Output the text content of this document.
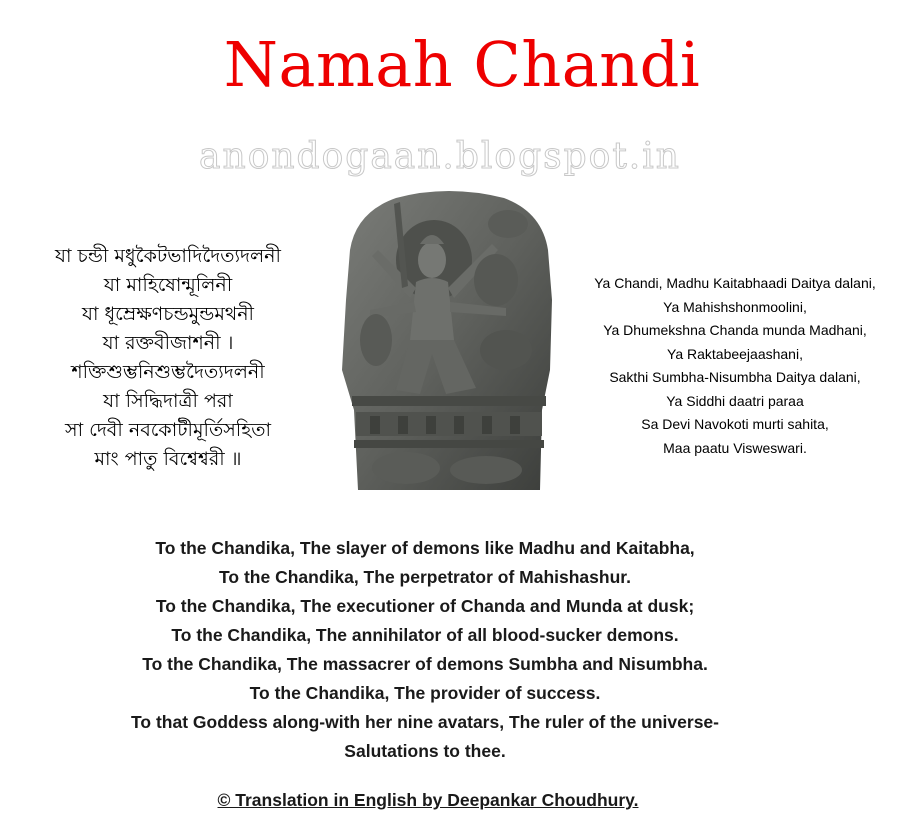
Namah Chandi
anondogaan.blogspot.in
যা চন্ডী মধুকৈটভাদিদৈত্যদলনী
যা মাহিষোন্মূলিনী
যা ধূম্রেক্ষণচন্ডমুন্ডমথনী
যা রক্তবীজাশনী ।
শক্তিশুম্ভনিশুম্ভদৈত্যদলনী
যা সিদ্ধিদাত্রী পরা
সা দেবী নবকোটীমূর্তিসহিতা
মাং পাতু বিশ্বেশ্বরী ॥
Ya Chandi, Madhu Kaitabhaadi Daitya dalani,
Ya Mahishshonmoolini,
Ya Dhumekshna Chanda munda Madhani,
Ya Raktabeejaashani,
Sakthi Sumbha-Nisumbha Daitya dalani,
Ya Siddhi daatri paraa
Sa Devi Navokoti murti sahita,
Maa paatu Visweswari.
To the Chandika, The slayer of demons like Madhu and Kaitabha,
To the Chandika, The perpetrator of Mahishashur.
To the Chandika, The executioner of Chanda and Munda at dusk;
To the Chandika, The annihilator of all blood-sucker demons.
To the Chandika, The massacrer of demons Sumbha and Nisumbha.
To the Chandika, The provider of success.
To that Goddess along-with her nine avatars, The ruler of the universe-
Salutations to thee.
© Translation in English by Deepankar Choudhury.
